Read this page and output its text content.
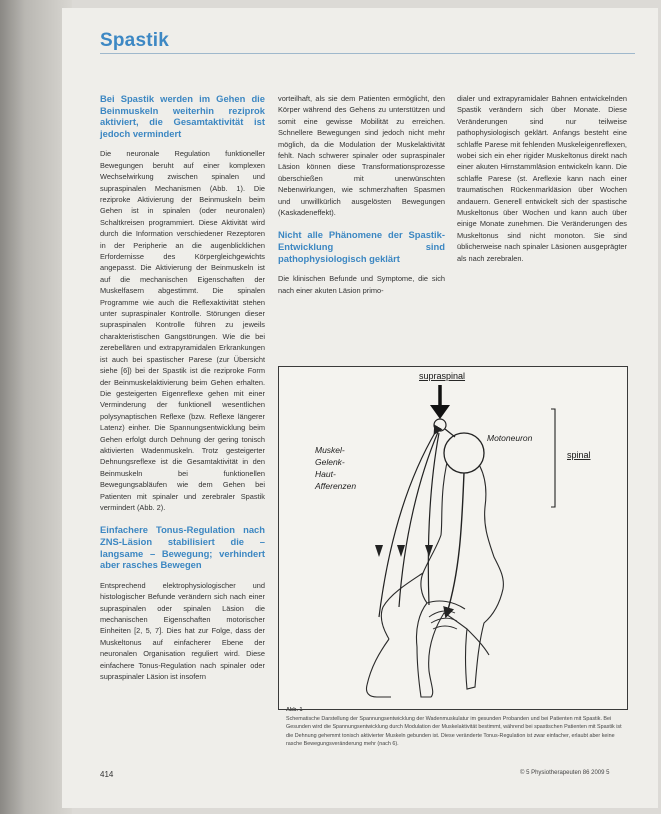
Spastik
Bei Spastik werden im Gehen die Beinmuskeln weiterhin reziprok aktiviert, die Gesamtaktivität ist jedoch vermindert

Die neuronale Regulation funktioneller Bewegungen beruht auf einer komplexen Wechselwirkung zwischen spinalen und supraspinalen Mechanismen (Abb. 1). Die reziproke Aktivierung der Beinmuskeln beim Gehen ist in spinalen (oder neuronalen) Schaltkreisen programmiert. Diese Aktivität wird durch die Information verschiedener Rezeptoren in der Peripherie an die augenblicklichen Erfordernisse des Körpergleichgewichts angepasst. Die Aktivierung der Beinmuskeln ist auf die mechanischen Eigenschaften der Muskelfasern abgestimmt. Die spinalen Programme wie auch die Reflexaktivität stehen unter supraspinaler Kontrolle. Störungen dieser supraspinalen Kontrolle führen zu jeweils charakteristischen Gangstörungen. Wie die bei zerebellären und extrapyramidalen Erkrankungen ist auch bei spastischer Parese (zur Übersicht siehe [6]) bei der Spastik ist die reziproke Form der Beinmuskelaktivierung beim Gehen erhalten. Die gesteigerten Eigenreflexe gehen mit einer Verminderung der funktionell wesentlichen polysynaptischen Reflexe (bzw. Reflexe längerer Latenz) einher. Die Spannungsentwicklung beim Gehen erfolgt durch Dehnung der gering tonisch aktivierten Wadenmuskeln. Trotz gesteigerter Dehnungsreflexe ist die Gesamtaktivität in den Beinmuskeln bei funktionellen Bewegungsabläufen wie dem Gehen bei Patienten mit spinaler und zerebraler Spastik vermindert (Abb. 2).

Einfachere Tonus-Regulation nach ZNS-Läsion stabilisiert die – langsame – Bewegung; verhindert aber rasches Bewegen

Entsprechend elektrophysiologischer und histologischer Befunde verändern sich nach einer supraspinalen oder spinalen Läsion die mechanischen Eigenschaften motorischer Einheiten [2, 5, 7]. Dies hat zur Folge, dass der Muskeltonus auf einfacherer Ebene der neuronalen Organisation reguliert wird. Diese einfachere Tonus-Regulation nach spinaler oder supraspinaler Läsion ist insofern

vorteilhaft, als sie dem Patienten ermöglicht, den Körper während des Gehens zu unterstützen und somit eine gewisse Mobilität zu erreichen. Schnellere Bewegungen sind jedoch nicht mehr möglich, da die Modulation der Muskelaktivität fehlt. Nach schwerer spinaler oder supraspinaler Läsion können diese Transformationsprozesse überschießen mit unerwünschten Nebenwirkungen, wie schmerzhaften Spasmen und unwillkürlich ausgelösten Bewegungen (Kaskadeneffekt).

Nicht alle Phänomene der Spastik-Entwicklung sind pathophysiologisch geklärt

Die klinischen Befunde und Symptome, die sich nach einer akuten Läsion primo-

dialer und extrapyramidaler Bahnen entwickelnden Spastik verändern sich über Monate. Diese Veränderungen sind nur teilweise pathophysiologisch geklärt. Anfangs besteht eine schlaffe Parese mit fehlenden Muskeleigenreflexen, wobei sich ein eher rigider Muskeltonus direkt nach einer akuten Hirnstammläsion entwickeln kann. Die schlaffe Parese (st. Areflexie kann nach einer traumatischen Rückenmarkläsion über Wochen andauern. Generell entwickelt sich der spastische Muskeltonus über Wochen und kann auch über einige Monate zunehmen. Die Veränderungen des Muskeltonus sind nicht monoton. Sie sind üblicherweise nach spinaler Läsionen ausgeprägter als nach zerebralen.

supraspinal
Motoneuron
spinal
Muskel-
Gelenk-
Haut-
Afferenzen
Abb. 1
Schematische Darstellung der Spannungsentwicklung der Wadenmuskulatur im gesunden Probanden und bei Patienten mit Spastik. Bei Gesunden wird die Spannungsentwicklung durch Modulation der Muskelaktivität bestimmt, während bei spastischen Patienten mit Spastik ist die Dehnung gehemmt tonisch aktivierter Muskeln gebunden ist. Diese veränderte Tonus-Regulation ist zwar einfacher, erlaubt aber keine rasche Bewegungsveränderung mehr (nach 6).
414	© 5 Physiotherapeuten 86 2009 5
